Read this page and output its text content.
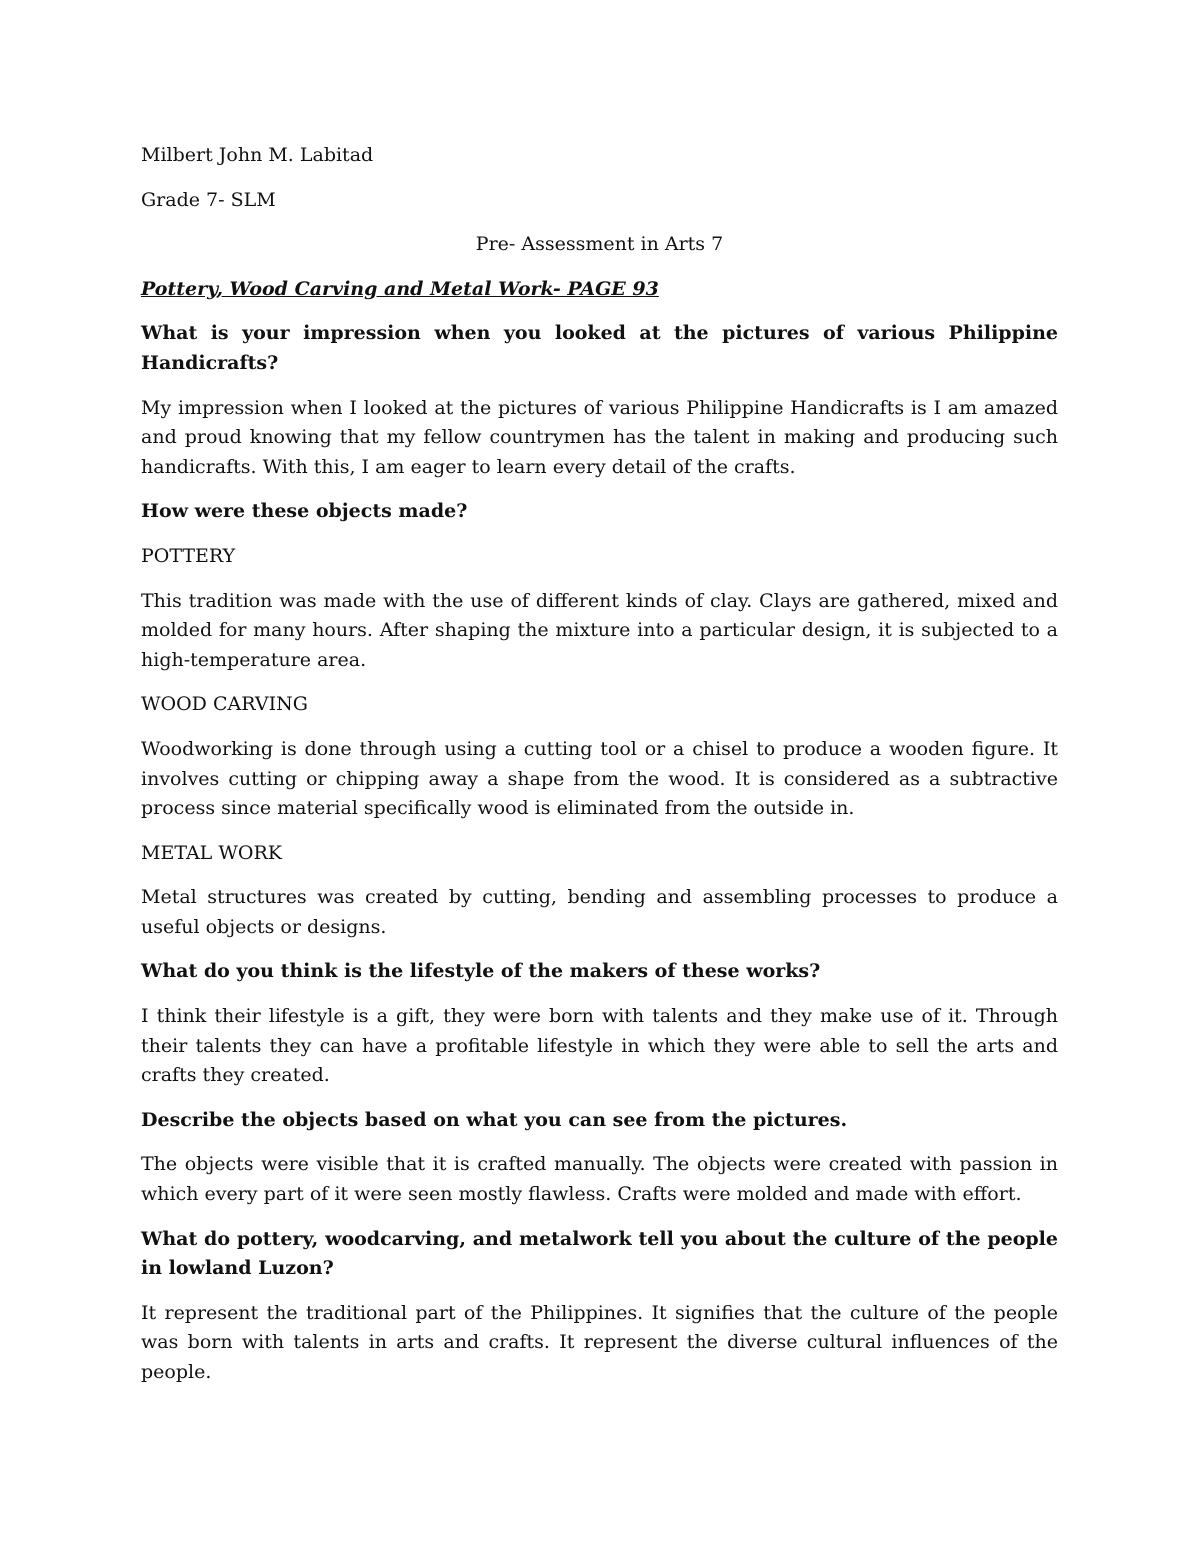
Milbert John M. Labitad

Grade 7- SLM

Pre- Assessment in Arts 7

Pottery, Wood Carving and Metal Work- PAGE 93

What is your impression when you looked at the pictures of various Philippine Handicrafts?

My impression when I looked at the pictures of various Philippine Handicrafts is I am amazed and proud knowing that my fellow countrymen has the talent in making and producing such handicrafts. With this, I am eager to learn every detail of the crafts.

How were these objects made?

POTTERY

This tradition was made with the use of different kinds of clay. Clays are gathered, mixed and molded for many hours. After shaping the mixture into a particular design, it is subjected to a high-temperature area.

WOOD CARVING

Woodworking is done through using a cutting tool or a chisel to produce a wooden figure. It involves cutting or chipping away a shape from the wood. It is considered as a subtractive process since material specifically wood is eliminated from the outside in.

METAL WORK

Metal structures was created by cutting, bending and assembling processes to produce a useful objects or designs.

What do you think is the lifestyle of the makers of these works?

I think their lifestyle is a gift, they were born with talents and they make use of it. Through their talents they can have a profitable lifestyle in which they were able to sell the arts and crafts they created.

Describe the objects based on what you can see from the pictures.

The objects were visible that it is crafted manually. The objects were created with passion in which every part of it were seen mostly flawless. Crafts were molded and made with effort.

What do pottery, woodcarving, and metalwork tell you about the culture of the people in lowland Luzon?

It represent the traditional part of the Philippines. It signifies that the culture of the people was born with talents in arts and crafts. It represent the diverse cultural influences of the people.
